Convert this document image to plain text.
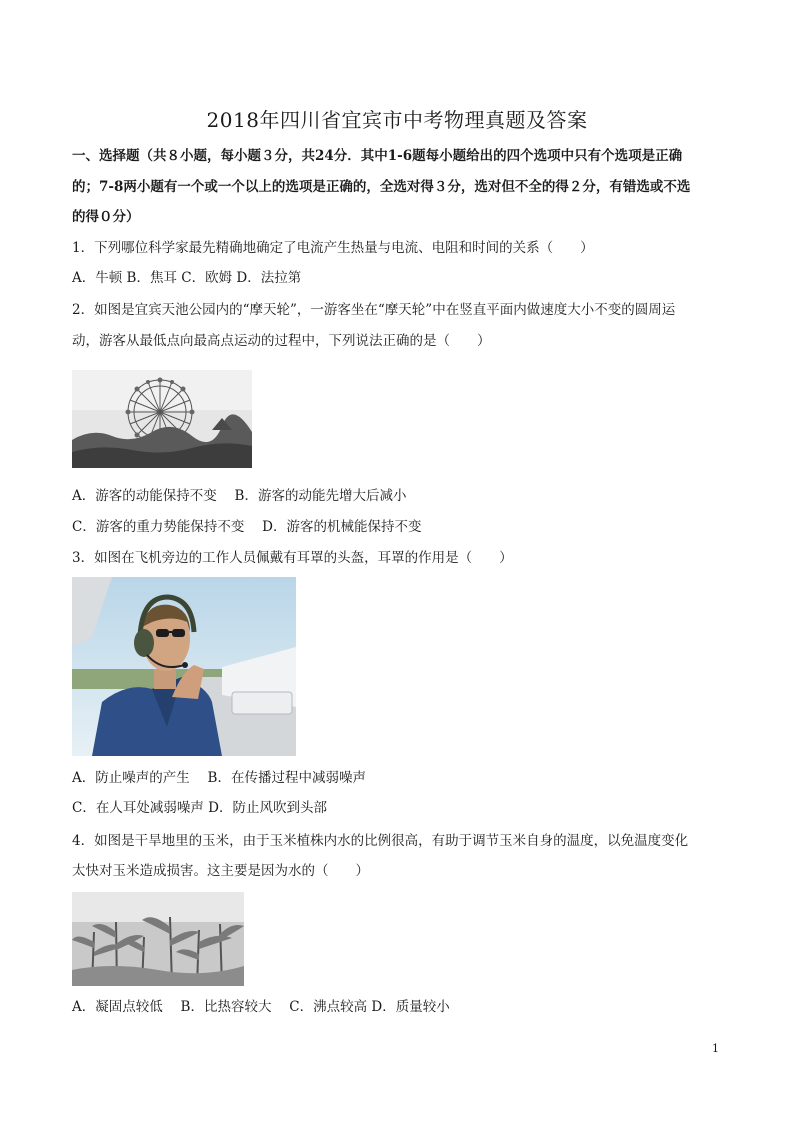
2018年四川省宜宾市中考物理真题及答案
一、选择题（共８小题，每小题３分，共24分．其中1-6题每小题给出的四个选项中只有个选项是正确
的；7-8两小题有一个或一个以上的选项是正确的，全选对得３分，选对但不全的得２分，有错选或不选
的得０分）
1．下列哪位科学家最先精确地确定了电流产生热量与电流、电阻和时间的关系（　　）
A．牛顿 B．焦耳 C．欧姆 D．法拉第
2．如图是宜宾天池公园内的“摩天轮”，一游客坐在“摩天轮”中在竖直平面内做速度大小不变的圆周运
动，游客从最低点向最高点运动的过程中，下列说法正确的是（　　）
A．游客的动能保持不变　 B．游客的动能先增大后减小
C．游客的重力势能保持不变　 D．游客的机械能保持不变
3．如图在飞机旁边的工作人员佩戴有耳罩的头盔，耳罩的作用是（　　）
A．防止噪声的产生　 B．在传播过程中减弱噪声
C．在人耳处减弱噪声 D．防止风吹到头部
4．如图是干旱地里的玉米，由于玉米植株内水的比例很高，有助于调节玉米自身的温度，以免温度变化
太快对玉米造成损害。这主要是因为水的（　　）
A．凝固点较低　 B．比热容较大　 C．沸点较高 D．质量较小
1
